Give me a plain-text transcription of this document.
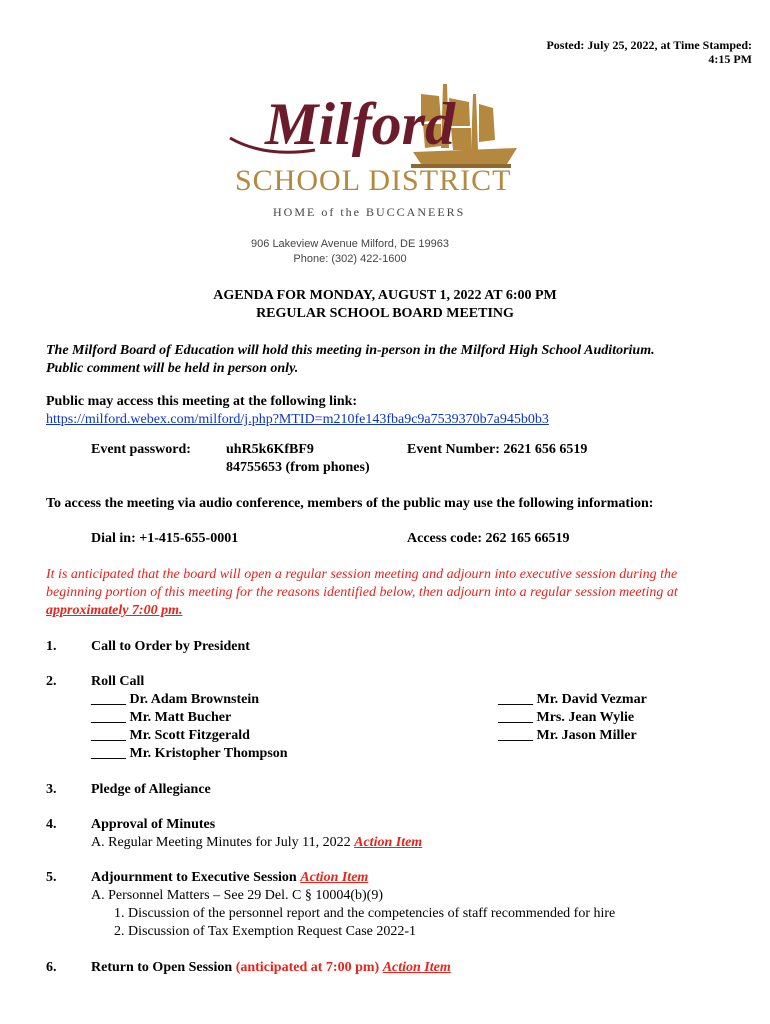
Posted: July 25, 2022, at Time Stamped:
4:15 PM
Milford
SCHOOL DISTRICT
HOME of the BUCCANEERS
906 Lakeview Avenue Milford, DE 19963
Phone: (302) 422-1600
AGENDA FOR MONDAY, AUGUST 1, 2022 AT 6:00 PM
REGULAR SCHOOL BOARD MEETING
The Milford Board of Education will hold this meeting in-person in the Milford High School Auditorium.
Public comment will be held in person only.
Public may access this meeting at the following link:
https://milford.webex.com/milford/j.php?MTID=m210fe143fba9c9a7539370b7a945b0b3
Event password:	uhR5k6KfBF9
84755653 (from phones)
Event Number: 2621 656 6519
To access the meeting via audio conference, members of the public may use the following information:
Dial in: +1-415-655-0001	Access code: 262 165 66519
It is anticipated that the board will open a regular session meeting and adjourn into executive session during the
beginning portion of this meeting for the reasons identified below, then adjourn into a regular session meeting at
approximately 7:00 pm.
1. Call to Order by President
2. Roll Call
_____ Dr. Adam Brownstein
_____ Mr. Matt Bucher
_____ Mr. Scott Fitzgerald
_____ Mr. Kristopher Thompson
_____ Mr. David Vezmar
_____ Mrs. Jean Wylie
_____ Mr. Jason Miller
3. Pledge of Allegiance
4. Approval of Minutes
A. Regular Meeting Minutes for July 11, 2022 Action Item
5. Adjournment to Executive Session Action Item
A. Personnel Matters – See 29 Del. C § 10004(b)(9)
1. Discussion of the personnel report and the competencies of staff recommended for hire
2. Discussion of Tax Exemption Request Case 2022-1
6. Return to Open Session (anticipated at 7:00 pm) Action Item
